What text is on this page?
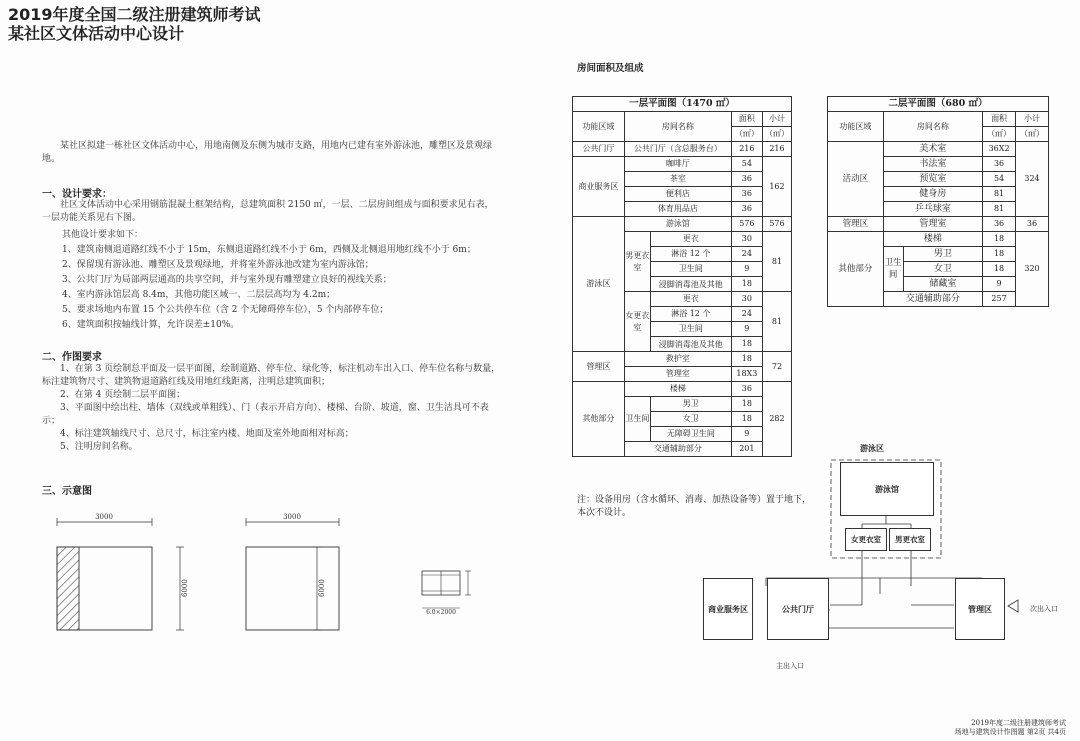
2019年度全国二级注册建筑师考试
某社区文体活动中心设计
某社区拟建一栋社区文体活动中心，用地南侧及东侧为城市支路，用地内已建有室外游泳池，雕塑区及景观绿地。
一、设计要求：
社区文体活动中心采用钢筋混凝土框架结构，总建筑面积 2150 ㎡，一层、二层房间组成与面积要求见右表，一层功能关系见右下图。
其他设计要求如下：
1、建筑南侧退道路红线不小于 15m，东侧退道路红线不小于 6m，西侧及北侧退用地红线不小于 6m；
2、保留现有游泳池、雕塑区及景观绿地，并将室外游泳池改建为室内游泳馆；
3、公共门厅为局部两层通高的共享空间，并与室外现有雕塑建立良好的视线关系；
4、室内游泳馆层高 8.4m，其他功能区域一、二层层高均为 4.2m；
5、要求场地内布置 15 个公共停车位（含 2 个无障碍停车位），5 个内部停车位；
6、建筑面积按轴线计算，允许误差±10%。
二、作图要求
1、在第 3 页绘制总平面及一层平面图，绘制道路、停车位、绿化等，标注机动车出入口、停车位名称与数量，标注建筑物尺寸、建筑物退道路红线及用地红线距离，注明总建筑面积；
2、在第 4 页绘制二层平面图；
3、平面图中绘出柱、墙体（双线或单粗线）、门（表示开启方向）、楼梯、台阶、坡道，窗、卫生洁具可不表示；
4、标注建筑轴线尺寸、总尺寸，标注室内楼、地面及室外地面相对标高；
5、注明房间名称。
三、示意图
3000
6000
3000
6000
6.0×2000
房间面积及组成
一层平面图（1470 ㎡）				
功能区域	房间名称		面积	小计
			（㎡）	（㎡）
公共门厅	公共门厅（含总服务台）		216	216
商业服务区	咖啡厅		54	162
	茶室		36	
	便利店		36	
	体育用品店		36	
游泳区	游泳馆		576	576
	男更衣室	更衣	30	81
		淋浴 12 个	24	
		卫生间	9	
		浸脚消毒池及其他	18	

	女更衣室	更衣	30	81
		淋浴 12 个	24	
		卫生间	9	
		浸脚消毒池及其他	18	

管理区	救护室		18	72
	管理室		18X3	
其他部分	楼梯		36	282
	卫生间	男卫	18	
		女卫	18	
		无障碍卫生间	9	
	交通辅助部分		201	
注：设备用房（含水循环、消毒、加热设备等）置于地下，本次不设计。
二层平面图（680 ㎡）				
功能区域	房间名称		面积	小计
			（㎡）	（㎡）
活动区	美术室		36X2	324
	书法室		36	
	预览室		54	
	健身房		81	
	乒乓球室		81	
管理区	管理室		36	36
其他部分	楼梯		18	320
	卫生间	男卫	18	
		女卫	18	
		储藏室	9	
	交通辅助部分		257	
游泳区
游泳馆
女更衣室	男更衣室
商业服务区	公共门厅	管理区
主出入口
次出入口
2019年度二级注册建筑师考试
场地与建筑设计作图题 第2页 共4页
